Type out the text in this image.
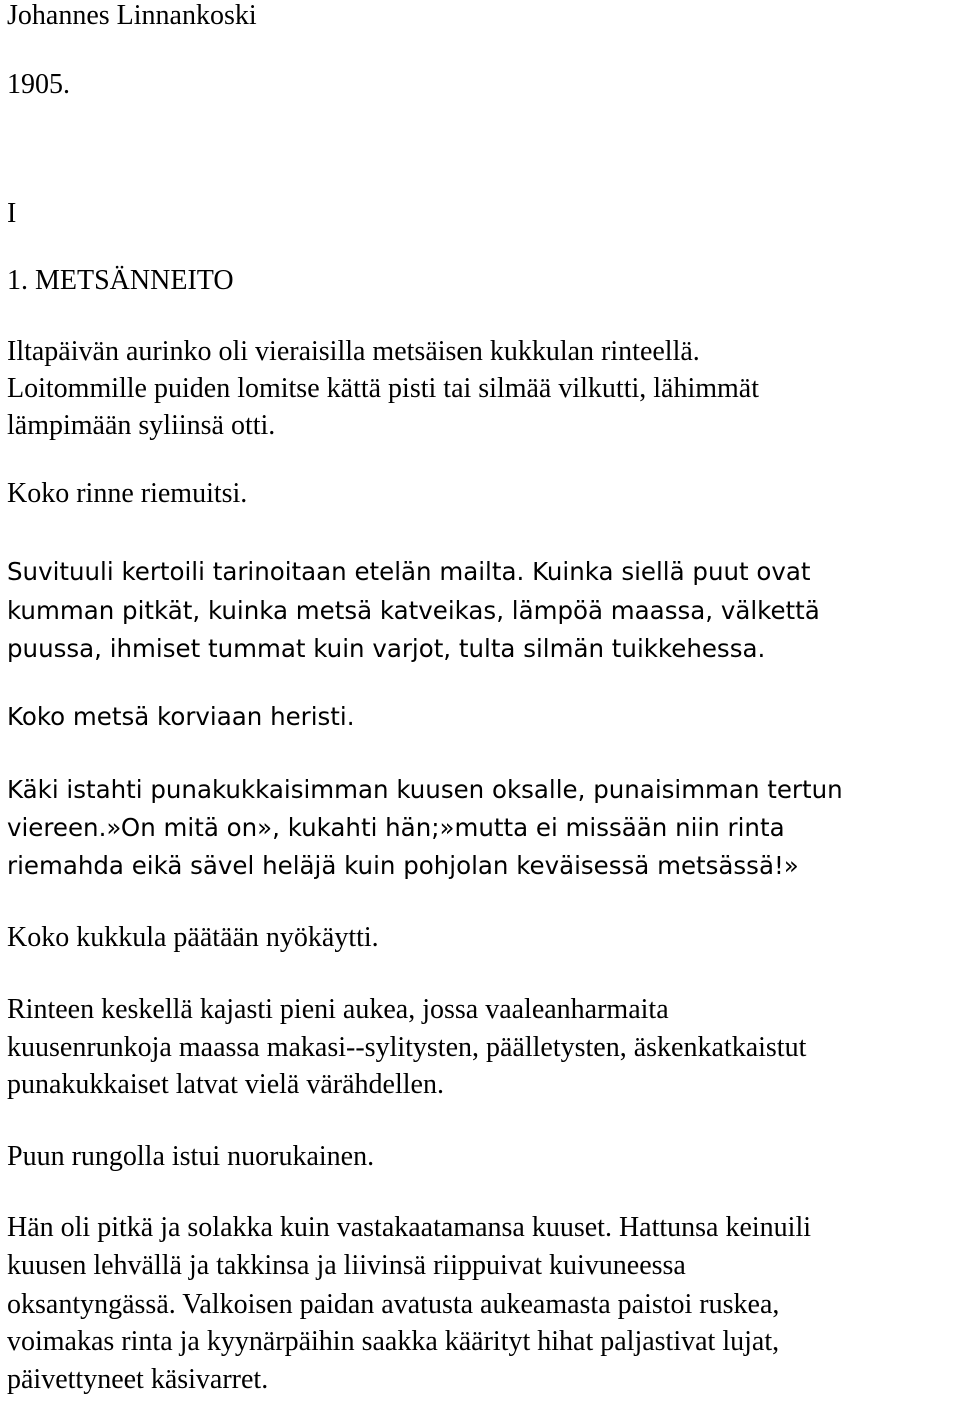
Johannes Linnankoski
1905.
I
1. METSÄNNEITO
Iltapäivän aurinko oli vieraisilla metsäisen kukkulan rinteellä.
Loitommille puiden lomitse kättä pisti tai silmää vilkutti, lähimmät
lämpimään syliinsä otti.
Koko rinne riemuitsi.
Suvituuli kertoili tarinoitaan etelän mailta. Kuinka siellä puut ovat
kumman pitkät, kuinka metsä katveikas, lämpöä maassa, välkettä
puussa, ihmiset tummat kuin varjot, tulta silmän tuikkehessa.
Koko metsä korviaan heristi.
Käki istahti punakukkaisimman kuusen oksalle, punaisimman tertun
viereen.»On mitä on», kukahti hän;»mutta ei missään niin rinta
riemahda eikä sävel heläjä kuin pohjolan keväisessä metsässä!»
Koko kukkula päätään nyökäytti.
Rinteen keskellä kajasti pieni aukea, jossa vaaleanharmaita
kuusenrunkoja maassa makasi--sylitysten, päälletysten, äskenkatkaistut
punakukkaiset latvat vielä värähdellen.
Puun rungolla istui nuorukainen.
Hän oli pitkä ja solakka kuin vastakaatamansa kuuset. Hattunsa keinuili
kuusen lehvällä ja takkinsa ja liivinsä riippuivat kuivuneessa
oksantyngässä. Valkoisen paidan avatusta aukeamasta paistoi ruskea,
voimakas rinta ja kyynärpäihin saakka käärityt hihat paljastivat lujat,
päivettyneet käsivarret.
